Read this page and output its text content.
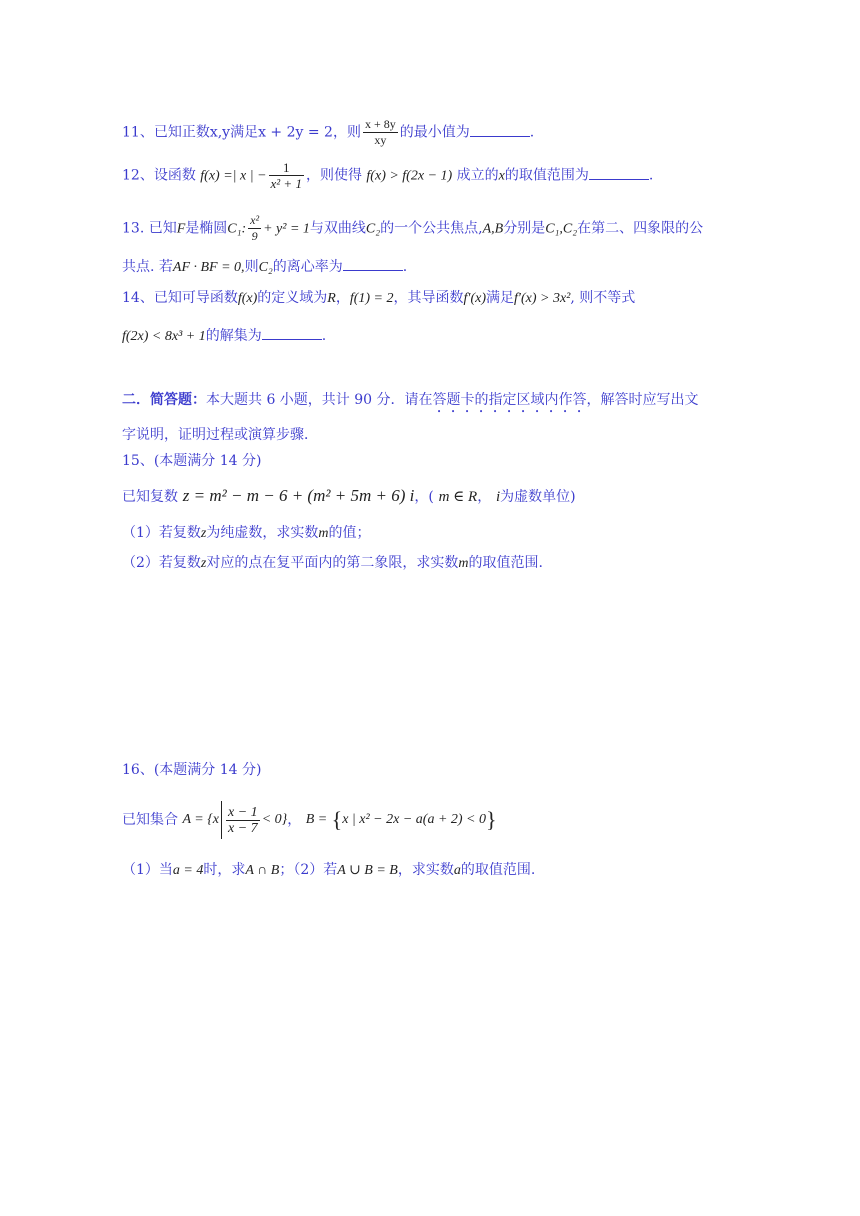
11、已知正数x,y满足x + 2y = 2，则 $\frac{x + 8y}{xy}$ 的最小值为	.
12、设函数 f(x) =| x | − $\frac{1}{\text{x² + 1}}$ ，则使得 f(x) > f(2x − 1) 成立的x的取值范围为	.
13. 已知F是椭圆C₁: $\frac{\text{x²}}{9} + y^2 = 1$与双曲线C₂的一个公共焦点,A,B分别是C₁,C₂在第二、四象限的公
共点. 若AF · BF = 0,则C₂的离心率为	.
14、已知可导函数f(x)的定义域为R，f(1) = 2，其导函数f′(x)满足f′(x) > 3x², 则不等式
f(2x) < 8x³ + 1的解集为	.
二．简答题：本大题共 6 小题，共计 90 分．请在答题卡的指定区域内作答，解答时应写出文
字说明，证明过程或演算步骤．
15、(本题满分 14 分)
已知复数 z = m² − m − 6 + (m² + 5m + 6) i，( m ∈ R， i为虚数单位)
（1）若复数z为纯虚数，求实数m的值；
（2）若复数z对应的点在复平面内的第二象限，求实数m的取值范围.
16、(本题满分 14 分)
已知集合 $A = \{x \frac{x - 1}{x - 7} < 0\}$， B = {x | x² − 2x − a(a + 2) < 0}
（1）当a = 4时，求A ∩ B；（2）若A ∪ B = B，求实数a的取值范围.
